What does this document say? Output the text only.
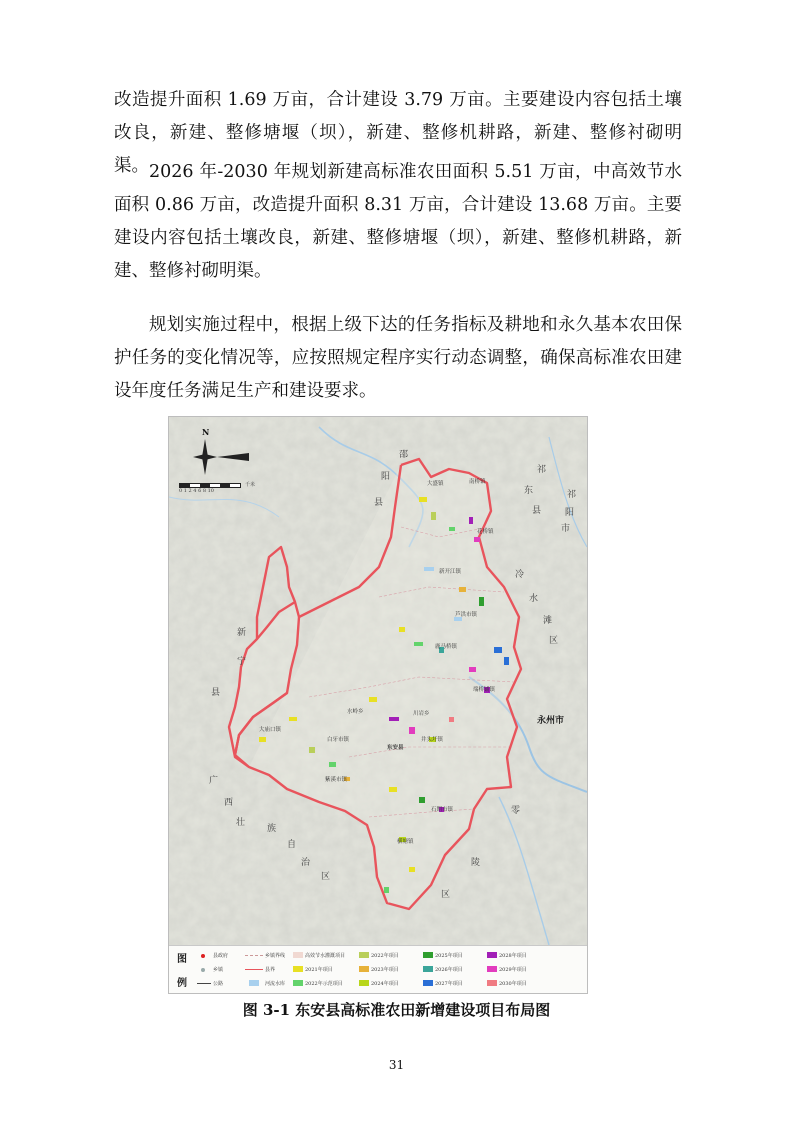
改造提升面积 1.69 万亩，合计建设 3.79 万亩。主要建设内容包括土壤改良，新建、整修塘堰（坝），新建、整修机耕路，新建、整修衬砌明渠。 2026 年-2030 年规划新建高标准农田面积 5.51 万亩，中高效节水面积 0.86 万亩，改造提升面积 8.31 万亩，合计建设 13.68 万亩。主要建设内容包括土壤改良，新建、整修塘堰（坝），新建、整修机耕路，新建、整修衬砌明渠。

规划实施过程中，根据上级下达的任务指标及耕地和永久基本农田保护任务的变化情况等，应按照规定程序实行动态调整，确保高标准农田建设年度任务满足生产和建设要求。

N
0 1 2 4 6 8 10
千米
邵
阳
县
祁
东
县
祁
阳
市
冷
水
滩
区
永州市
新
宁
县
广
西
壮
族
自
治
区
零
陵
区
大盛镇	南桥镇
花桥镇
新开江镇
芦洪市镇
鹿马桥镇
端桥铺镇
水岭乡	川岩乡
大庙口镇
白牙市镇
东安县
井头圩镇
紫溪市镇
石期市镇
横塘镇
图
例
县政府
乡镇
公路
乡镇界线
县界
河流水库
高效节水灌溉项目
2021年项目
2022年示范项目
2022年项目
2023年项目
2024年项目
2025年项目
2026年项目
2027年项目
2028年项目
2029年项目
2030年项目

图 3-1 东安县高标准农田新增建设项目布局图

31
